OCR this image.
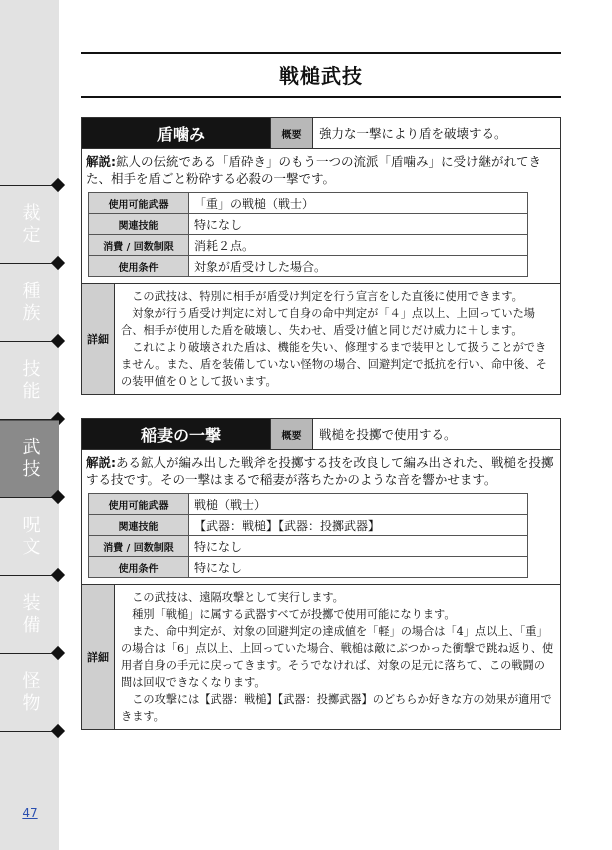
裁定
種族
技能
武技
呪文
装備
怪物
47
戦槌武技
盾噛み	概要	強力な一撃により盾を破壊する。
解説:鉱人の伝統である「盾砕き」のもう一つの流派「盾噛み」に受け継がれてきた、相手を盾ごと粉砕する必殺の一撃です。
使用可能武器	「重」の戦槌（戦士）
関連技能	特になし
消費 / 回数制限	消耗２点。
使用条件	対象が盾受けした場合。
詳細

この武技は、特別に相手が盾受け判定を行う宣言をした直後に使用できます。

対象が行う盾受け判定に対して自身の命中判定が「４」点以上、上回っていた場合、相手が使用した盾を破壊し、失わせ、盾受け値と同じだけ威力に＋します。

これにより破壊された盾は、機能を失い、修理するまで装甲として扱うことができません。また、盾を装備していない怪物の場合、回避判定で抵抗を行い、命中後、その装甲値を０として扱います。

稲妻の一撃	概要	戦槌を投擲で使用する。
解説:ある鉱人が編み出した戦斧を投擲する技を改良して編み出された、戦槌を投擲する技です。その一撃はまるで稲妻が落ちたかのような音を響かせます。
使用可能武器	戦槌（戦士）
関連技能	【武器：戦槌】【武器：投擲武器】
消費 / 回数制限	特になし
使用条件	特になし
詳細

この武技は、遠隔攻撃として実行します。

種別「戦槌」に属する武器すべてが投擲で使用可能になります。

また、命中判定が、対象の回避判定の達成値を「軽」の場合は「4」点以上、「重」の場合は「6」点以上、上回っていた場合、戦槌は敵にぶつかった衝撃で跳ね返り、使用者自身の手元に戻ってきます。そうでなければ、対象の足元に落ちて、この戦闘の間は回収できなくなります。

この攻撃には【武器：戦槌】【武器：投擲武器】のどちらか好きな方の効果が適用できます。
